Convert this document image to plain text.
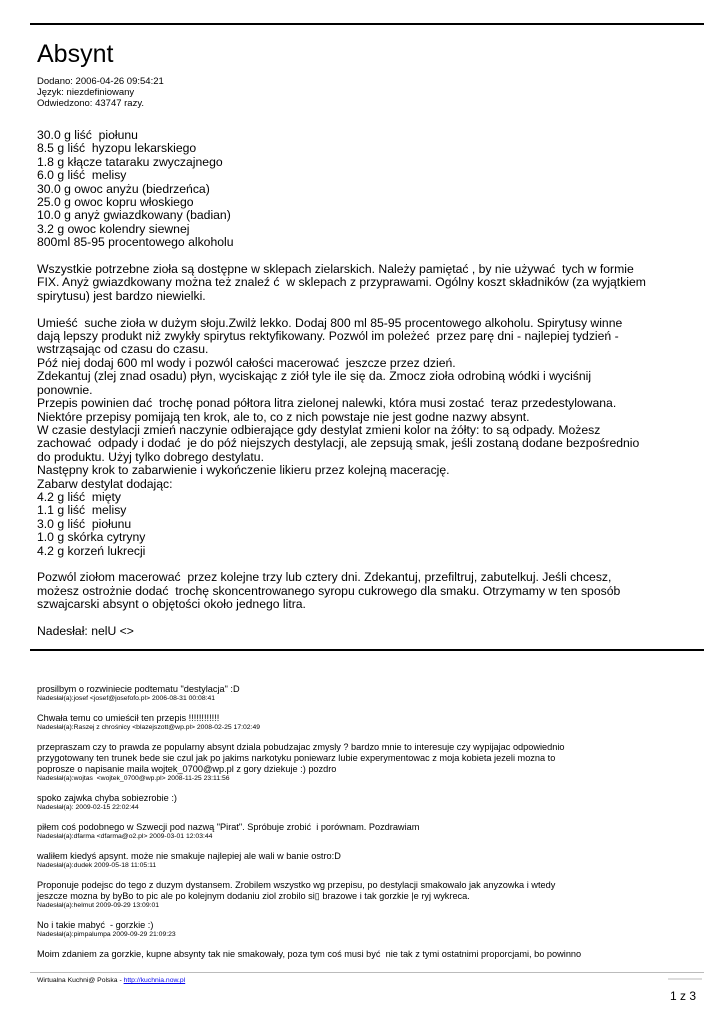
Absynt
Dodano: 2006-04-26 09:54:21
Język: niezdefiniowany
Odwiedzono: 43747 razy.
30.0 g liść  piołunu
8.5 g liść  hyzopu lekarskiego
1.8 g kłącze tataraku zwyczajnego
6.0 g liść  melisy
30.0 g owoc anyżu (biedrzeńca)
25.0 g owoc kopru włoskiego
10.0 g anyż gwiazdkowany (badian)
3.2 g owoc kolendry siewnej
800ml 85-95 procentowego alkoholu
Wszystkie potrzebne zioła są dostępne w sklepach zielarskich. Należy pamiętać , by nie używać  tych w formie
FIX. Anyż gwiazdkowany można też znaleź ć  w sklepach z przyprawami. Ogólny koszt składników (za wyjątkiem
spirytusu) jest bardzo niewielki.
Umieść  suche zioła w dużym słoju.Zwilż lekko. Dodaj 800 ml 85-95 procentowego alkoholu. Spirytusy winne
dają lepszy produkt niż zwykły spirytus rektyfikowany. Pozwól im poleżeć  przez parę dni - najlepiej tydzień -
wstrząsając od czasu do czasu.
Póź niej dodaj 600 ml wody i pozwól całości macerować  jeszcze przez dzień.
Zdekantuj (zlej znad osadu) płyn, wyciskając z ziół tyle ile się da. Zmocz zioła odrobiną wódki i wyciśnij
ponownie.
Przepis powinien dać  trochę ponad półtora litra zielonej nalewki, która musi zostać  teraz przedestylowana.
Niektóre przepisy pomijają ten krok, ale to, co z nich powstaje nie jest godne nazwy absynt.
W czasie destylacji zmień naczynie odbierające gdy destylat zmieni kolor na żółty: to są odpady. Możesz
zachować  odpady i dodać  je do póź niejszych destylacji, ale zepsują smak, jeśli zostaną dodane bezpośrednio
do produktu. Użyj tylko dobrego destylatu.
Następny krok to zabarwienie i wykończenie likieru przez kolejną macerację.
Zabarw destylat dodając:
4.2 g liść  mięty
1.1 g liść  melisy
3.0 g liść  piołunu
1.0 g skórka cytryny
4.2 g korzeń lukrecji
Pozwól ziołom macerować  przez kolejne trzy lub cztery dni. Zdekantuj, przefiltruj, zabutelkuj. Jeśli chcesz,
możesz ostrożnie dodać  trochę skoncentrowanego syropu cukrowego dla smaku. Otrzymamy w ten sposób
szwajcarski absynt o objętości około jednego litra.
Nadesłał: nelU <>
prosilbym o rozwiniecie podtematu "destylacja" :D
Nadesłał(a):josef <josef@josefofo.pl> 2006-08-31 00:08:41
Chwała temu co umieścił ten przepis !!!!!!!!!!!!
Nadesłał(a):Raszej z chrośnicy <blazejszott@wp.pl> 2008-02-25 17:02:49
przepraszam czy to prawda ze popularny absynt dziala pobudzajac zmysly ? bardzo mnie to interesuje czy wypijajac odpowiednio
przygotowany ten trunek bede sie czul jak po jakims narkotyku poniewarz lubie experymentowac z moja kobieta jezeli mozna to
poprosze o napisanie maila wojtek_0700@wp.pl z gory dziekuje :) pozdro
Nadesłał(a):wojtas  <wojtek_0700@wp.pl> 2008-11-25 23:11:56
spoko zajwka chyba sobiezrobie :)
Nadesłał(a): 2009-02-15 22:02:44
piłem coś podobnego w Szwecji pod nazwą "Pirat". Spróbuje zrobić  i porównam. Pozdrawiam
Nadesłał(a):dfarma <dfarma@o2.pl> 2009-03-01 12:03:44
waliłem kiedyś apsynt. może nie smakuje najlepiej ale wali w banie ostro:D
Nadesłał(a):dudek 2009-05-18 11:05:11
Proponuje podejsc do tego z duzym dystansem. Zrobilem wszystko wg przepisu, po destylacji smakowalo jak anyzowka i wtedy
jeszcze mozna by byBo to pic ale po kolejnym dodaniu ziol zrobilo si▯ brazowe i tak gorzkie |e ryj wykreca.
Nadesłał(a):helmut 2009-09-29 13:09:01
No i takie mabyć  - gorzkie :)
Nadesłał(a):pimpalumpa 2009-09-29 21:09:23
Moim zdaniem za gorzkie, kupne absynty tak nie smakowały, poza tym coś musi być  nie tak z tymi ostatnimi proporcjami, bo powinno
Wirtualna Kuchni@ Polska - http://kuchnia.now.pl
1 z 3
